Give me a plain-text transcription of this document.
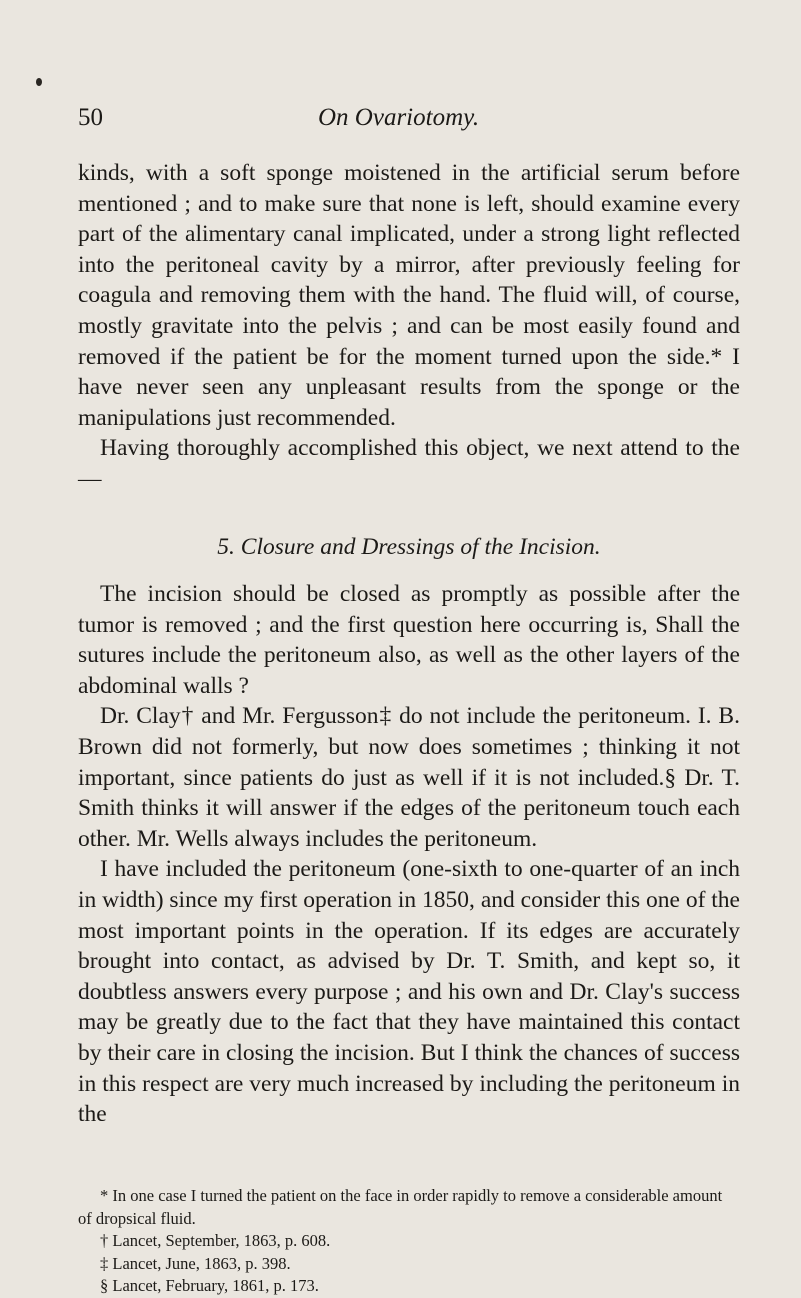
50	On Ovariotomy.

kinds, with a soft sponge moistened in the artificial serum before mentioned ; and to make sure that none is left, should examine every part of the alimentary canal implicated, under a strong light reflected into the peritoneal cavity by a mirror, after previously feeling for coagula and removing them with the hand. The fluid will, of course, mostly gravitate into the pelvis ; and can be most easily found and removed if the patient be for the moment turned upon the side.* I have never seen any unpleasant results from the sponge or the manipulations just recommended.

Having thoroughly accomplished this object, we next attend to the—

5. Closure and Dressings of the Incision.

The incision should be closed as promptly as possible after the tumor is removed ; and the first question here occurring is, Shall the sutures include the peritoneum also, as well as the other layers of the abdominal walls ?

Dr. Clay† and Mr. Fergusson‡ do not include the peritoneum. I. B. Brown did not formerly, but now does sometimes ; thinking it not important, since patients do just as well if it is not included.§ Dr. T. Smith thinks it will answer if the edges of the peritoneum touch each other. Mr. Wells always includes the peritoneum.

I have included the peritoneum (one-sixth to one-quarter of an inch in width) since my first operation in 1850, and consider this one of the most important points in the operation. If its edges are accurately brought into contact, as advised by Dr. T. Smith, and kept so, it doubtless answers every purpose ; and his own and Dr. Clay's success may be greatly due to the fact that they have maintained this contact by their care in closing the incision. But I think the chances of success in this respect are very much increased by including the peritoneum in the

* In one case I turned the patient on the face in order rapidly to remove a considerable amount of dropsical fluid.

† Lancet, September, 1863, p. 608.

‡ Lancet, June, 1863, p. 398.

§ Lancet, February, 1861, p. 173.
